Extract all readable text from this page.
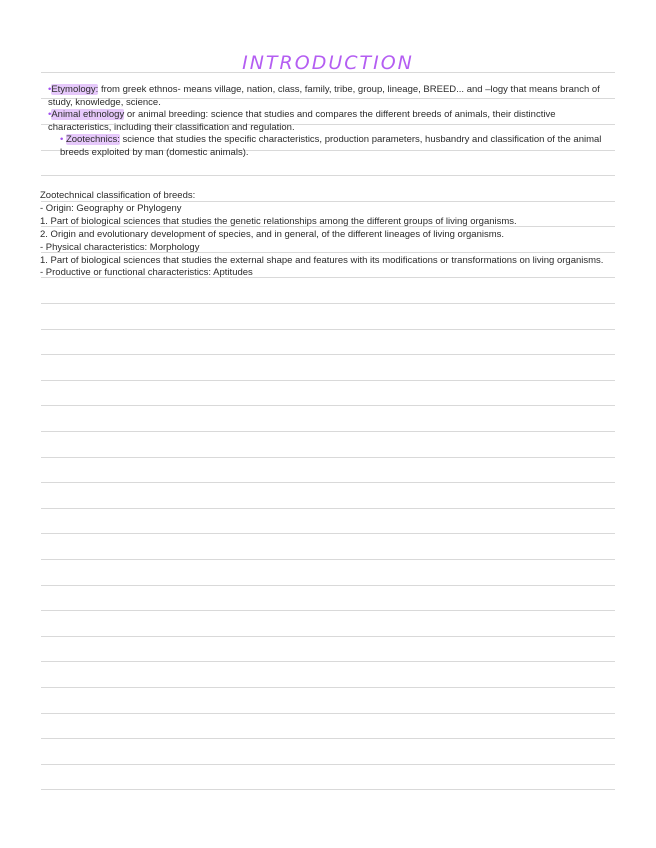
INTRODUCTION

•Etymology: from greek ethnos- means village, nation, class, family, tribe, group, lineage, BREED... and –logy that means branch of study, knowledge, science.

•Animal ethnology or animal breeding: science that studies and compares the different breeds of animals, their distinctive characteristics, including their classification and regulation.

• Zootechnics: science that studies the specific characteristics, production parameters, husbandry and classification of the animal breeds exploited by man (domestic animals).

Zootechnical classification of breeds:

- Origin: Geography or Phylogeny

1. Part of biological sciences that studies the genetic relationships among the different groups of living organisms.

2. Origin and evolutionary development of species, and in general, of the different lineages of living organisms.

- Physical characteristics: Morphology

1. Part of biological sciences that studies the external shape and features with its modifications or transformations on living organisms.

- Productive or functional characteristics: Aptitudes
